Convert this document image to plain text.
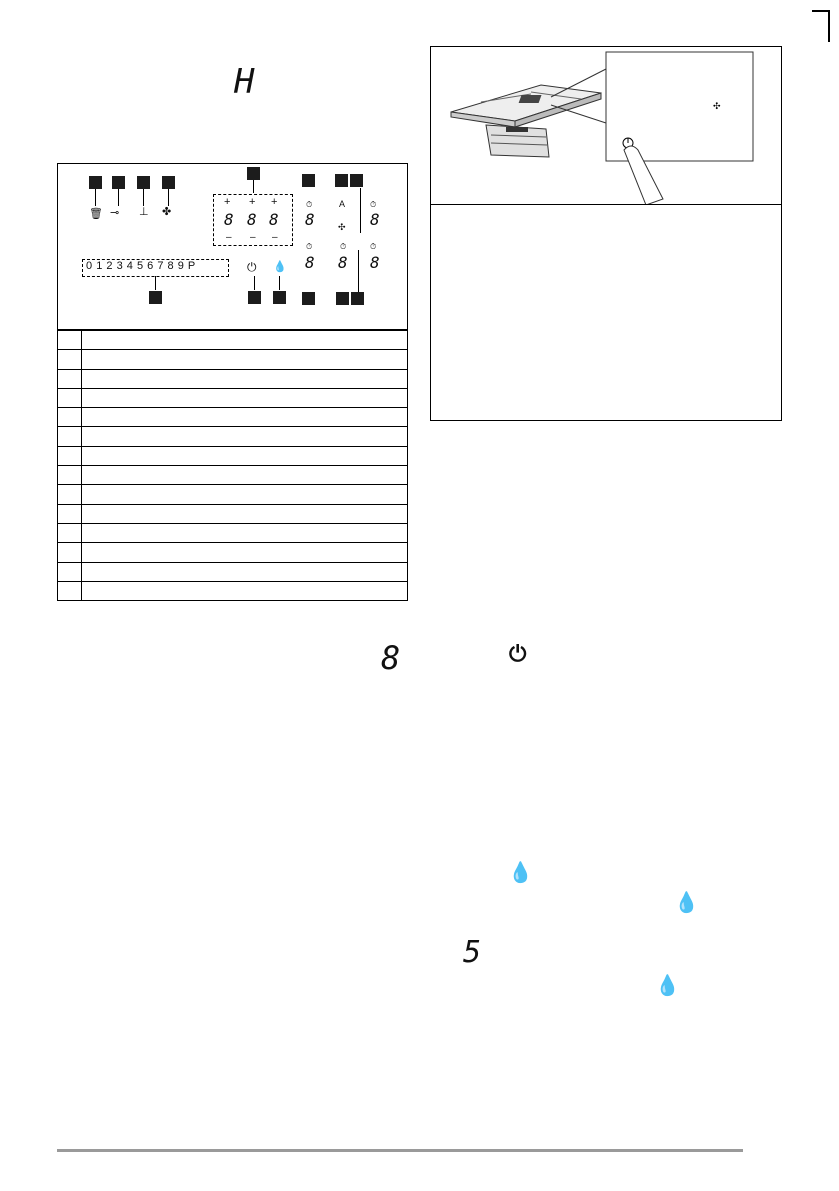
H
🗑 ⊸ ⊥ ✤
+ + +
8 8 8
– – –
⏱	A	⏱
8	✣ 8
⏱	⏱	⏱
8 8 8
0 1 2 3 4 5 6 7 8 9 P	⏻ 💧
✣
8	⏻
💧
💧
5
💧
